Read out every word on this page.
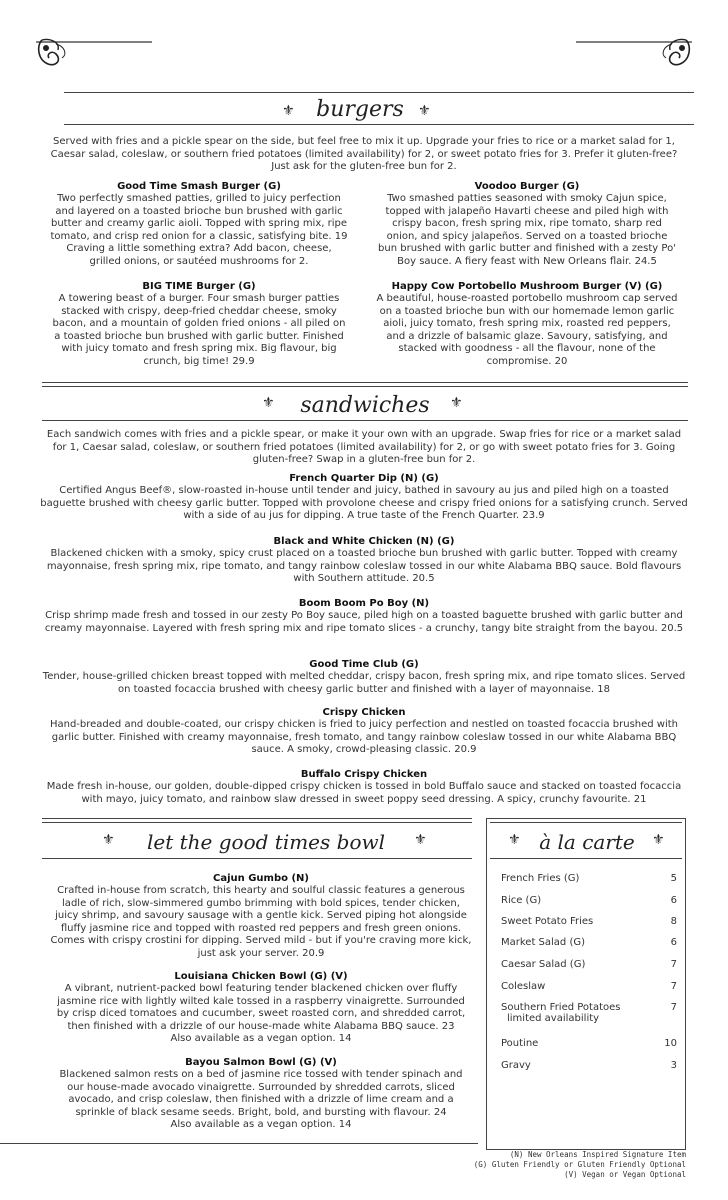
⚜	⚜
burgers
Served with fries and a pickle spear on the side, but feel free to mix it up. Upgrade your fries to rice or a market salad for 1, Caesar salad, coleslaw, or southern fried potatoes (limited availability) for 2, or sweet potato fries for 3. Prefer it gluten-free? Just ask for the gluten-free bun for 2.
Good Time Smash Burger (G)
Two perfectly smashed patties, grilled to juicy perfection and layered on a toasted brioche bun brushed with garlic butter and creamy garlic aioli. Topped with spring mix, ripe tomato, and crisp red onion for a classic, satisfying bite. 19 Craving a little something extra? Add bacon, cheese, grilled onions, or sautéed mushrooms for 2.
Voodoo Burger (G)
Two smashed patties seasoned with smoky Cajun spice, topped with jalapeño Havarti cheese and piled high with crispy bacon, fresh spring mix, ripe tomato, sharp red onion, and spicy jalapeños. Served on a toasted brioche bun brushed with garlic butter and finished with a zesty Po' Boy sauce. A fiery feast with New Orleans flair. 24.5
BIG TIME Burger (G)
A towering beast of a burger. Four smash burger patties stacked with crispy, deep-fried cheddar cheese, smoky bacon, and a mountain of golden fried onions - all piled on a toasted brioche bun brushed with garlic butter. Finished with juicy tomato and fresh spring mix. Big flavour, big crunch, big time! 29.9
Happy Cow Portobello Mushroom Burger (V) (G)
A beautiful, house-roasted portobello mushroom cap served on a toasted brioche bun with our homemade lemon garlic aioli, juicy tomato, fresh spring mix, roasted red peppers, and a drizzle of balsamic glaze. Savoury, satisfying, and stacked with goodness - all the flavour, none of the compromise. 20
⚜	⚜
sandwiches
Each sandwich comes with fries and a pickle spear, or make it your own with an upgrade. Swap fries for rice or a market salad for 1, Caesar salad, coleslaw, or southern fried potatoes (limited availability) for 2, or go with sweet potato fries for 3. Going gluten-free? Swap in a gluten-free bun for 2.
French Quarter Dip (N) (G)
Certified Angus Beef®, slow-roasted in-house until tender and juicy, bathed in savoury au jus and piled high on a toasted baguette brushed with cheesy garlic butter. Topped with provolone cheese and crispy fried onions for a satisfying crunch. Served with a side of au jus for dipping. A true taste of the French Quarter. 23.9
Black and White Chicken (N) (G)
Blackened chicken with a smoky, spicy crust placed on a toasted brioche bun brushed with garlic butter. Topped with creamy mayonnaise, fresh spring mix, ripe tomato, and tangy rainbow coleslaw tossed in our white Alabama BBQ sauce. Bold flavours with Southern attitude. 20.5
Boom Boom Po Boy (N)
Crisp shrimp made fresh and tossed in our zesty Po Boy sauce, piled high on a toasted baguette brushed with garlic butter and creamy mayonnaise. Layered with fresh spring mix and ripe tomato slices - a crunchy, tangy bite straight from the bayou. 20.5
Good Time Club (G)
Tender, house-grilled chicken breast topped with melted cheddar, crispy bacon, fresh spring mix, and ripe tomato slices. Served on toasted focaccia brushed with cheesy garlic butter and finished with a layer of mayonnaise. 18
Crispy Chicken
Hand-breaded and double-coated, our crispy chicken is fried to juicy perfection and nestled on toasted focaccia brushed with garlic butter. Finished with creamy mayonnaise, fresh tomato, and tangy rainbow coleslaw tossed in our white Alabama BBQ sauce. A smoky, crowd-pleasing classic. 20.9
Buffalo Crispy Chicken
Made fresh in-house, our golden, double-dipped crispy chicken is tossed in bold Buffalo sauce and stacked on toasted focaccia with mayo, juicy tomato, and rainbow slaw dressed in sweet poppy seed dressing. A spicy, crunchy favourite. 21
⚜	⚜
let the good times bowl
Cajun Gumbo (N)
Crafted in-house from scratch, this hearty and soulful classic features a generous ladle of rich, slow-simmered gumbo brimming with bold spices, tender chicken, juicy shrimp, and savoury sausage with a gentle kick. Served piping hot alongside fluffy jasmine rice and topped with roasted red peppers and fresh green onions. Comes with crispy crostini for dipping. Served mild - but if you're craving more kick, just ask your server. 20.9
Louisiana Chicken Bowl (G) (V)
A vibrant, nutrient-packed bowl featuring tender blackened chicken over fluffy jasmine rice with lightly wilted kale tossed in a raspberry vinaigrette. Surrounded by crisp diced tomatoes and cucumber, sweet roasted corn, and shredded carrot, then finished with a drizzle of our house-made white Alabama BBQ sauce. 23
Also available as a vegan option. 14
Bayou Salmon Bowl (G) (V)
Blackened salmon rests on a bed of jasmine rice tossed with tender spinach and our house-made avocado vinaigrette. Surrounded by shredded carrots, sliced avocado, and crisp coleslaw, then finished with a drizzle of lime cream and a sprinkle of black sesame seeds. Bright, bold, and bursting with flavour. 24
Also available as a vegan option. 14
⚜	⚜
à la carte
French Fries (G)	5
Rice (G)	6
Sweet Potato Fries	8
Market Salad (G)	6
Caesar Salad (G)	7
Coleslaw	7
Southern Fried Potatoes	7
limited availability
Poutine	10
Gravy	3
(N) New Orleans Inspired Signature Item
(G) Gluten Friendly or Gluten Friendly Optional
(V) Vegan or Vegan Optional
